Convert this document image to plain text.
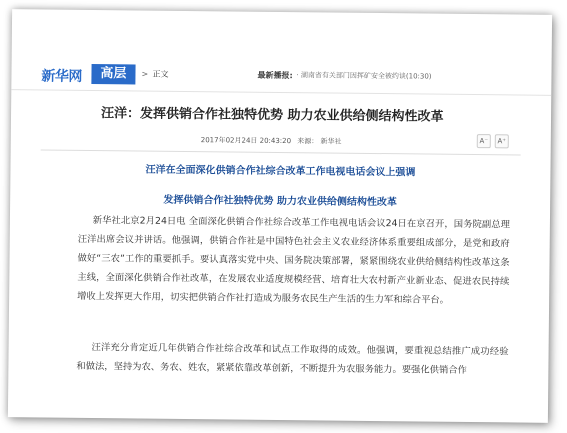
新华网	高层	> 正文	最新播报: · 湖南省有关部门因挥矿安全被约谈(10:30)
汪洋：发挥供销合作社独特优势 助力农业供给侧结构性改革
A⁻	A⁺
2017年02月24日 20:43:20 来源： 新华社
汪洋在全面深化供销合作社综合改革工作电视电话会议上强调
发挥供销合作社独特优势 助力农业供给侧结构性改革

新华社北京2月24日电 全面深化供销合作社综合改革工作电视电话会议24日在京召开，国务院副总理汪洋出席会议并讲话。他强调，供销合作社是中国特色社会主义农业经济体系重要组成部分，是党和政府做好“三农”工作的重要抓手。要认真落实党中央、国务院决策部署，紧紧围绕农业供给侧结构性改革这条主线，全面深化供销合作社改革，在发展农业适度规模经营、培育壮大农村新产业新业态、促进农民持续增收上发挥更大作用，切实把供销合作社打造成为服务农民生产生活的生力军和综合平台。

汪洋充分肯定近几年供销合作社综合改革和试点工作取得的成效。他强调，要重视总结推广成功经验和做法，坚持为农、务农、姓农，紧紧依靠改革创新，不断提升为农服务能力。要强化供销合作
